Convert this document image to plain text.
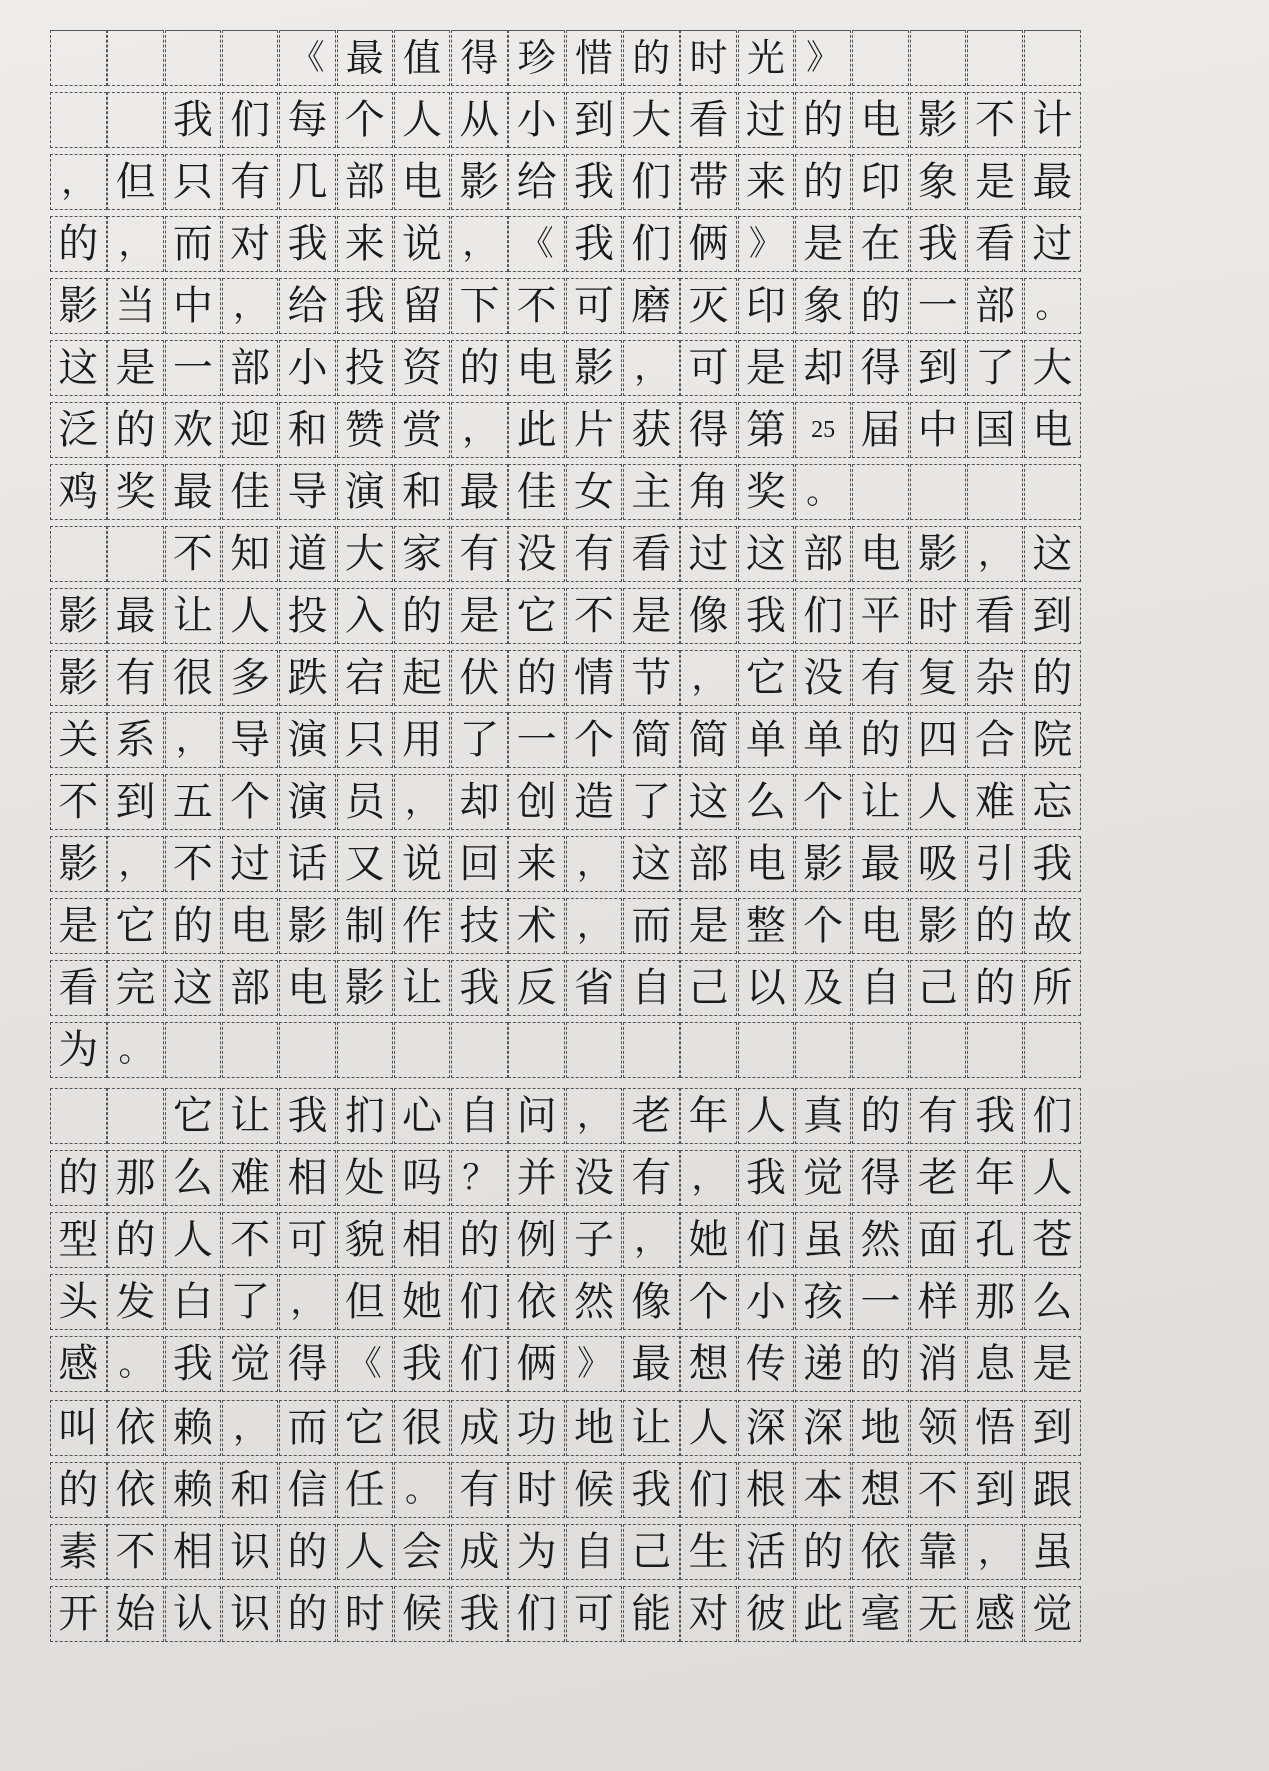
《 最 值 得 珍 惜 的 时 光 》
我 们 每 个 人 从 小 到 大 看 过 的 电 影 不 计
， 但 只 有 几 部 电 影 给 我 们 带 来 的 印 象 是 最
的 ， 而 对 我 来 说 ， 《 我 们 俩 》 是 在 我 看 过
影 当 中 ， 给 我 留 下 不 可 磨 灭 印 象 的 一 部 。
这 是 一 部 小 投 资 的 电 影 ， 可 是 却 得 到 了 大
泛 的 欢 迎 和 赞 赏 ， 此 片 获 得 第	25 届 中 国 电
鸡 奖 最 佳 导 演 和 最 佳 女 主 角 奖 。
不 知 道 大 家 有 没 有 看 过 这 部 电 影 ， 这
影 最 让 人 投 入 的 是 它 不 是 像 我 们 平 时 看 到
影 有 很 多 跌 宕 起 伏 的 情 节 ， 它 没 有 复 杂 的
关 系 ， 导 演 只 用 了 一 个 简 简 单 单 的 四 合 院
不 到 五 个 演 员 ， 却 创 造 了 这 么 个 让 人 难 忘
影 ， 不 过 话 又 说 回 来 ， 这 部 电 影 最 吸 引 我
是 它 的 电 影 制 作 技 术 ， 而 是 整 个 电 影 的 故
看 完 这 部 电 影 让 我 反 省 自 己 以 及 自 己 的 所
为 。
它 让 我 扪 心 自 问 ， 老 年 人 真 的 有 我 们
的 那 么 难 相 处 吗 ？ 并 没 有 ， 我 觉 得 老 年 人
型 的 人 不 可 貌 相 的 例 子 ， 她 们 虽 然 面 孔 苍
头 发 白 了 ， 但 她 们 依 然 像 个 小 孩 一 样 那 么
感 。 我 觉 得 《 我 们 俩 》 最 想 传 递 的 消 息 是
叫 依 赖 ， 而 它 很 成 功 地 让 人 深 深 地 领 悟 到
的 依 赖 和 信 任 。 有 时 候 我 们 根 本 想 不 到 跟
素 不 相 识 的 人 会 成 为 自 己 生 活 的 依 靠 ， 虽
开 始 认 识 的 时 候 我 们 可 能 对 彼 此 毫 无 感 觉
